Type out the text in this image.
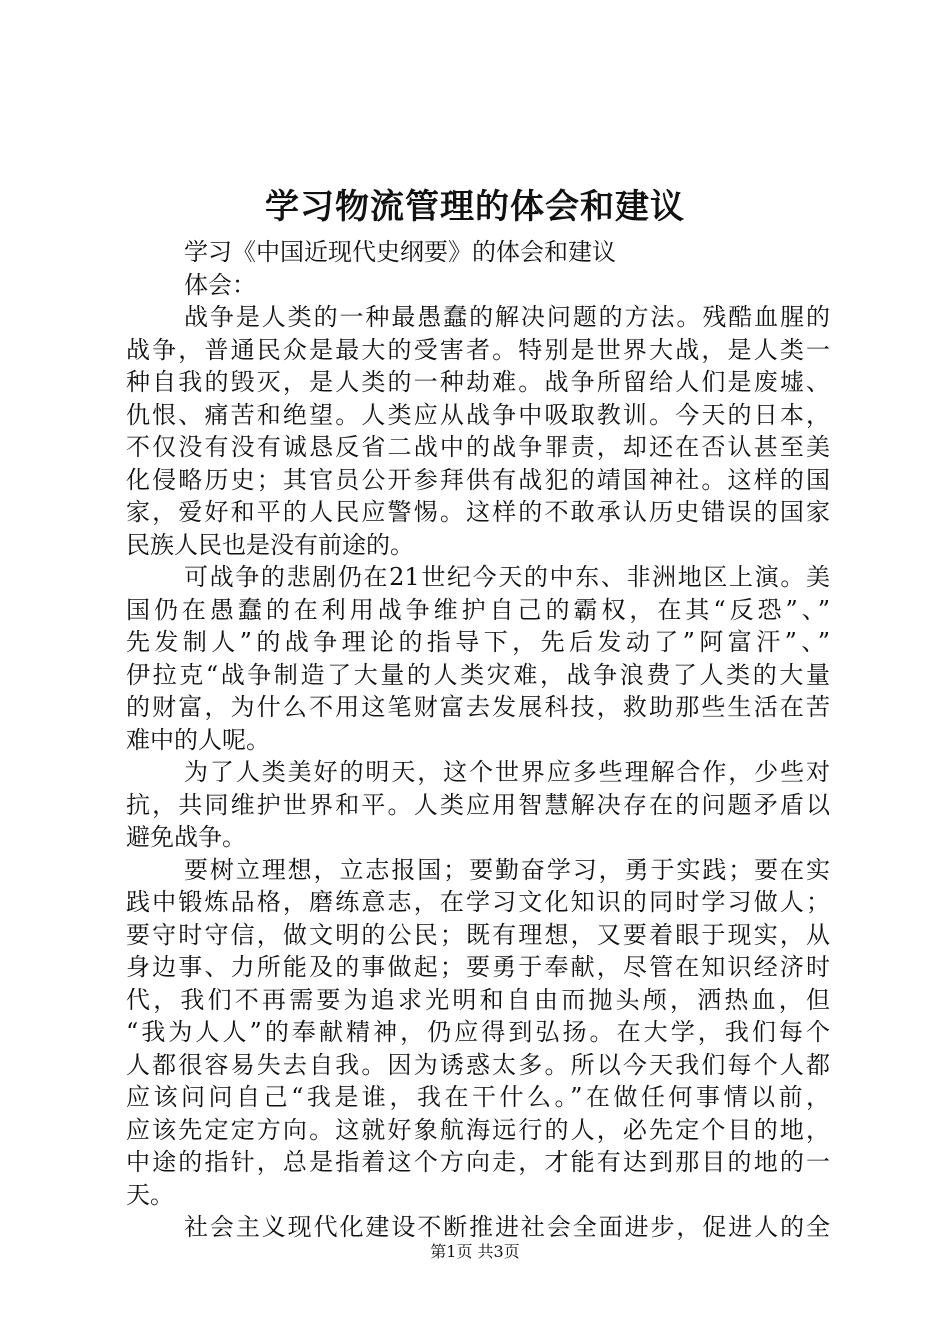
学习物流管理的体会和建议

学习《中国近现代史纲要》的体会和建议

体会：

战争是人类的一种最愚蠢的解决问题的方法。残酷血腥的

战争，普通民众是最大的受害者。特别是世界大战，是人类一

种自我的毁灭，是人类的一种劫难。战争所留给人们是废墟、

仇恨、痛苦和绝望。人类应从战争中吸取教训。今天的日本，

不仅没有没有诚恳反省二战中的战争罪责，却还在否认甚至美

化侵略历史；其官员公开参拜供有战犯的靖国神社。这样的国

家，爱好和平的人民应警惕。这样的不敢承认历史错误的国家

民族人民也是没有前途的。

可战争的悲剧仍在21世纪今天的中东、非洲地区上演。美

国仍在愚蠢的在利用战争维护自己的霸权，在其“反恐”、”

先发制人”的战争理论的指导下，先后发动了”阿富汗”、”

伊拉克“战争制造了大量的人类灾难，战争浪费了人类的大量

的财富，为什么不用这笔财富去发展科技，救助那些生活在苦

难中的人呢。

为了人类美好的明天，这个世界应多些理解合作，少些对

抗，共同维护世界和平。人类应用智慧解决存在的问题矛盾以

避免战争。

要树立理想，立志报国；要勤奋学习，勇于实践；要在实

践中锻炼品格，磨练意志，在学习文化知识的同时学习做人；

要守时守信，做文明的公民；既有理想，又要着眼于现实，从

身边事、力所能及的事做起；要勇于奉献，尽管在知识经济时

代，我们不再需要为追求光明和自由而抛头颅，洒热血，但

“我为人人”的奉献精神，仍应得到弘扬。在大学，我们每个

人都很容易失去自我。因为诱惑太多。所以今天我们每个人都

应该问问自己“我是谁，我在干什么。”在做任何事情以前，

应该先定定方向。这就好象航海远行的人，必先定个目的地，

中途的指针，总是指着这个方向走，才能有达到那目的地的一

天。

社会主义现代化建设不断推进社会全面进步，促进人的全

第1页 共3页
